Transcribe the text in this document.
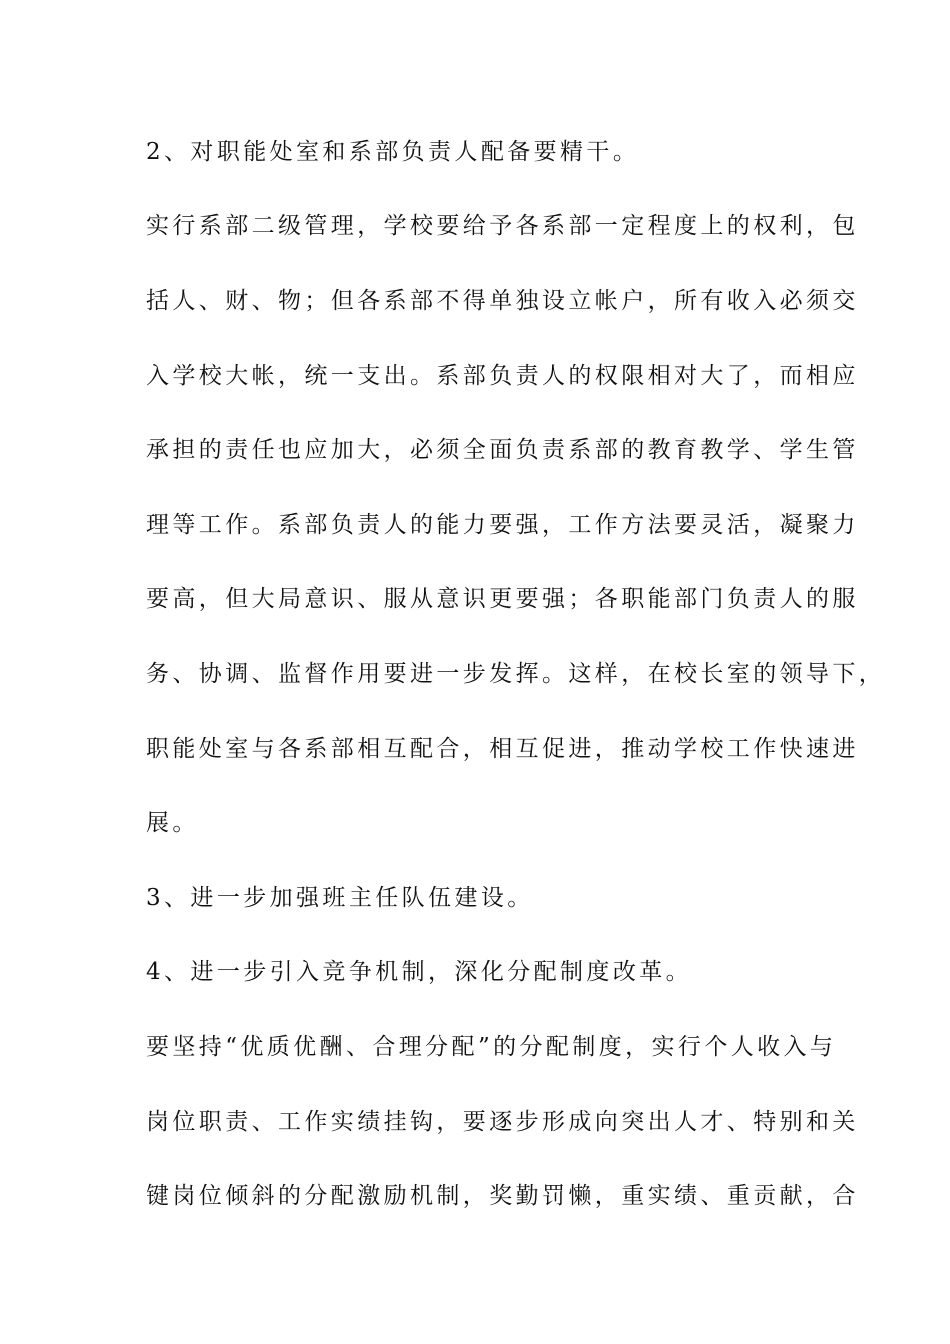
2、对职能处室和系部负责人配备要精干。
实行系部二级管理，学校要给予各系部一定程度上的权利，包
括人、财、物；但各系部不得单独设立帐户，所有收入必须交
入学校大帐，统一支出。系部负责人的权限相对大了，而相应
承担的责任也应加大，必须全面负责系部的教育教学、学生管
理等工作。系部负责人的能力要强，工作方法要灵活，凝聚力
要高，但大局意识、服从意识更要强；各职能部门负责人的服
务、协调、监督作用要进一步发挥。这样，在校长室的领导下，
职能处室与各系部相互配合，相互促进，推动学校工作快速进
展。
3、进一步加强班主任队伍建设。
4、进一步引入竞争机制，深化分配制度改革。
要坚持“优质优酬、合理分配”的分配制度，实行个人收入与
岗位职责、工作实绩挂钩，要逐步形成向突出人才、特别和关
键岗位倾斜的分配激励机制，奖勤罚懒，重实绩、重贡献，合
